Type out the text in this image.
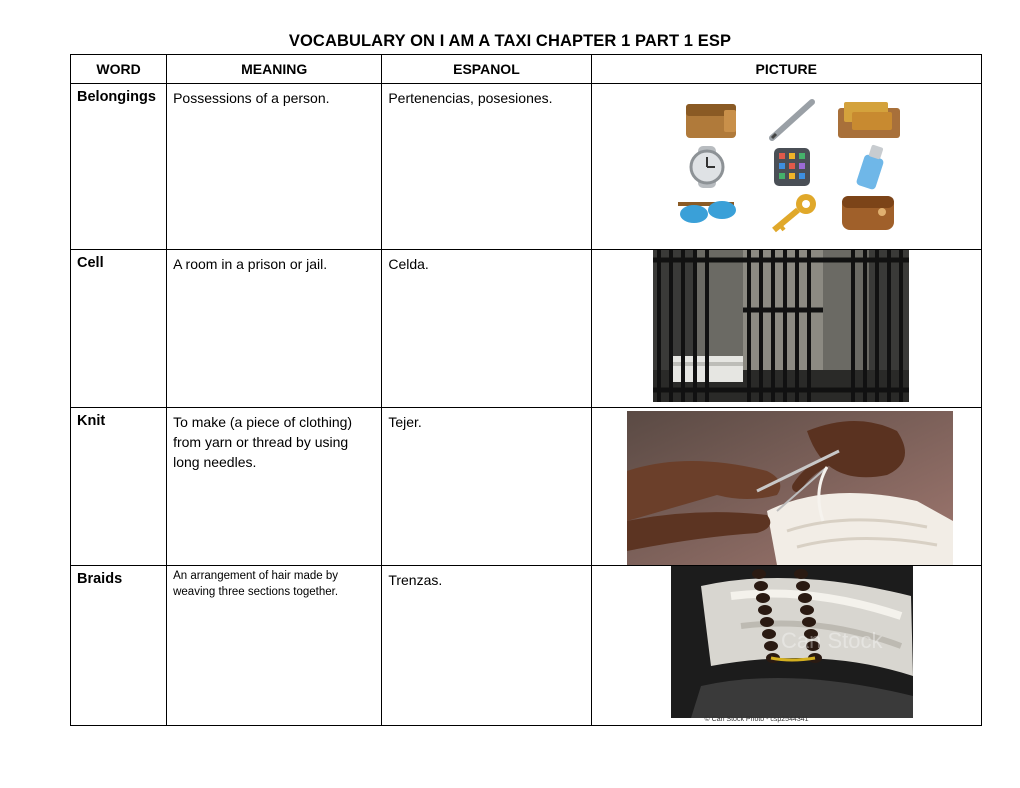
VOCABULARY ON I AM A TAXI CHAPTER 1 PART 1 ESP
WORD	MEANING	ESPANOL	PICTURE

Belongings	Possessions of a person.	Pertenencias, posesiones.

Cell	A room in a prison or jail.	Celda.

Knit	To make (a piece of clothing) from yarn or thread by using long needles.	Tejer.

Braids	An arrangement of hair made by weaving three sections together.	Trenzas.	Can Stock
© Can Stock Photo - csp2544341
